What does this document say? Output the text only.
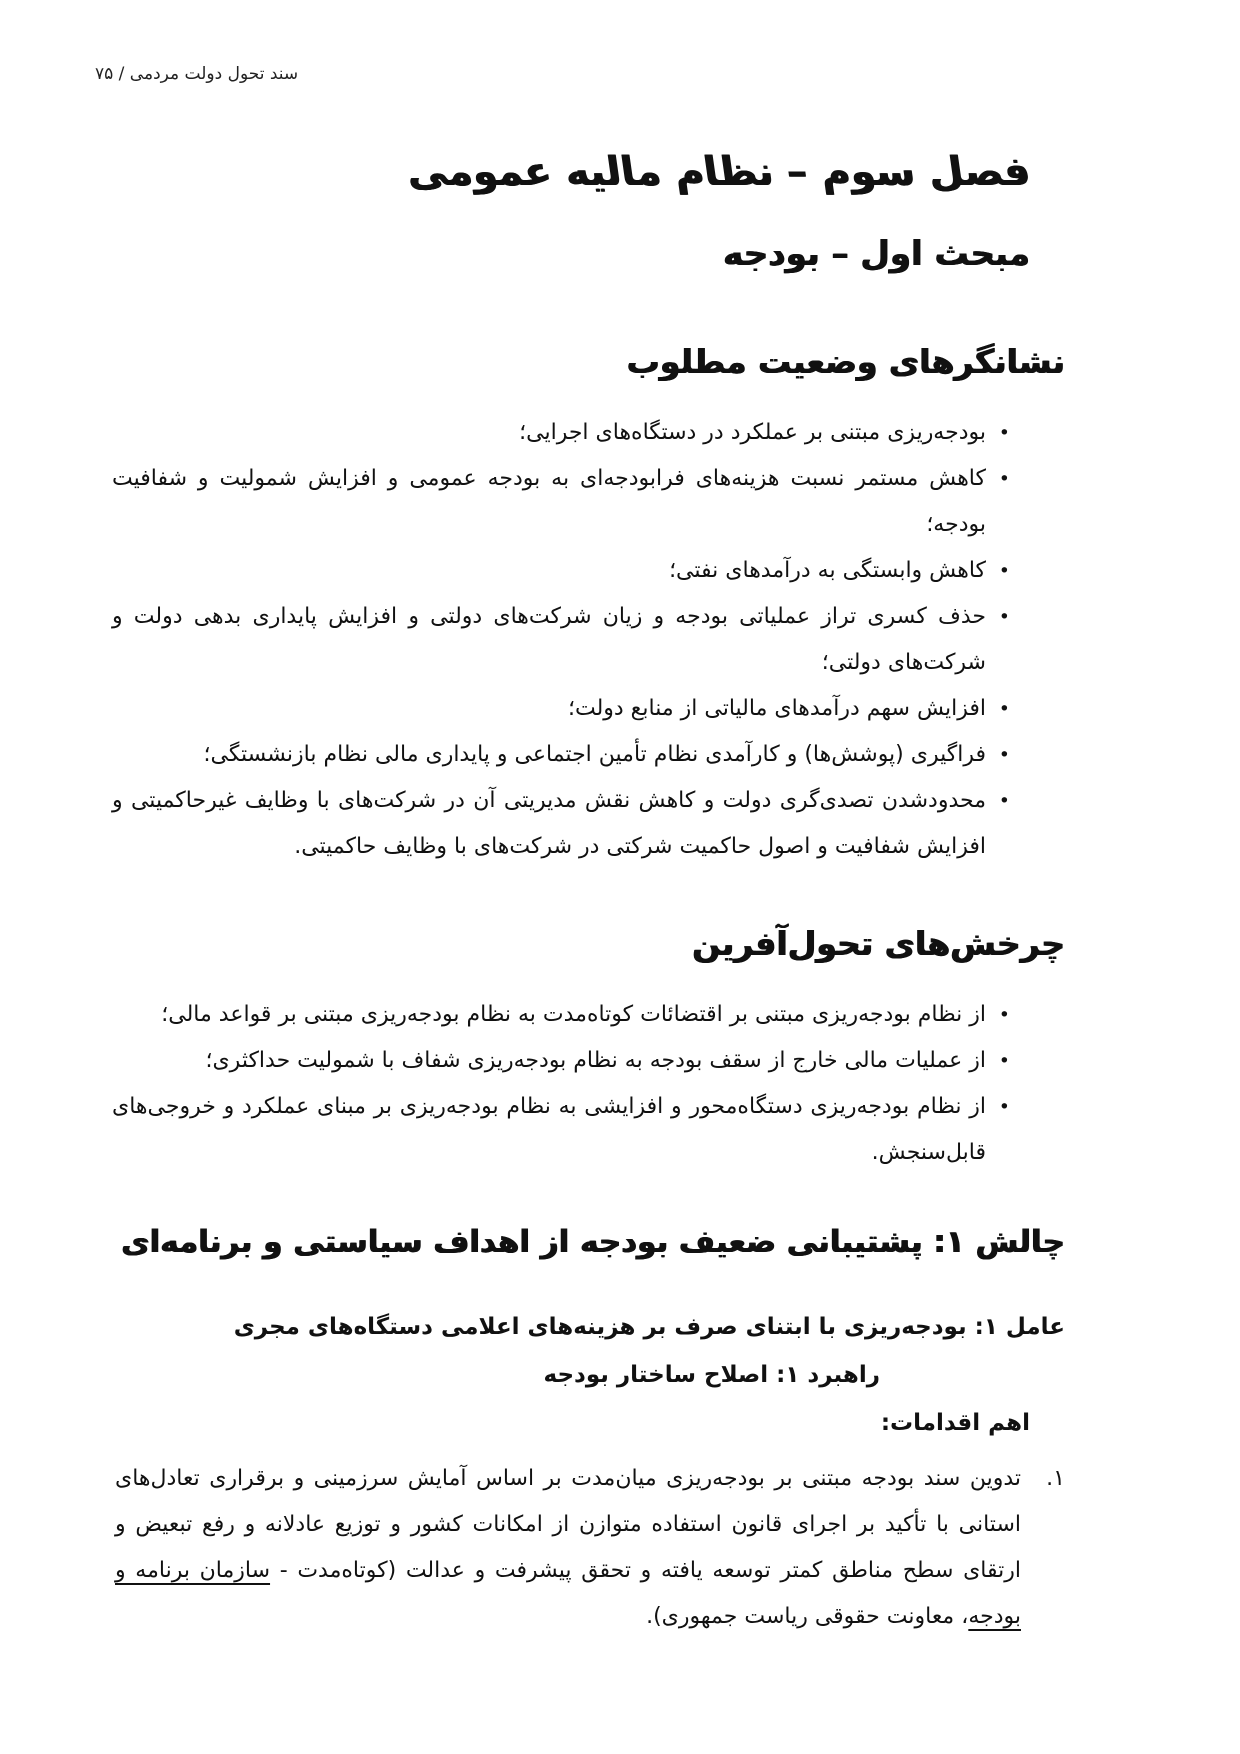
سند تحول دولت مردمی / ۷۵
فصل سوم – نظام مالیه عمومی
مبحث اول – بودجه
نشانگرهای وضعیت مطلوب
•
بودجه‌ریزی مبتنی بر عملکرد در دستگاه‌های اجرایی؛
•
کاهش مستمر نسبت هزینه‌های فرابودجه‌ای به بودجه عمومی و افزایش شمولیت و شفافیت بودجه؛
•
کاهش وابستگی به درآمدهای نفتی؛
•
حذف کسری تراز عملیاتی بودجه و زیان شرکت‌های دولتی و افزایش پایداری بدهی دولت و شرکت‌های دولتی؛
•
افزایش سهم درآمدهای مالیاتی از منابع دولت؛
•
فراگیری (پوشش‌ها) و کارآمدی نظام تأمین اجتماعی و پایداری مالی نظام بازنشستگی؛
•
محدودشدن تصدی‌گری دولت و کاهش نقش مدیریتی آن در شرکت‌های با وظایف غیرحاکمیتی و افزایش شفافیت و اصول حاکمیت شرکتی در شرکت‌های با وظایف حاکمیتی.
چرخش‌های تحول‌آفرین
•
از نظام بودجه‌ریزی مبتنی بر اقتضائات کوتاه‌مدت به نظام بودجه‌ریزی مبتنی بر قواعد مالی؛
•
از عملیات مالی خارج از سقف بودجه به نظام بودجه‌ریزی شفاف با شمولیت حداکثری؛
•
از نظام بودجه‌ریزی دستگاه‌محور و افزایشی به نظام بودجه‌ریزی بر مبنای عملکرد و خروجی‌های قابل‌سنجش.
چالش ۱: پشتیبانی ضعیف بودجه از اهداف سیاستی و برنامه‌ای
عامل ۱: بودجه‌ریزی با ابتنای صرف بر هزینه‌های اعلامی دستگاه‌های مجری
راهبرد ۱: اصلاح ساختار بودجه
اهم اقدامات:
۱.
تدوین سند بودجه مبتنی بر بودجه‌ریزی میان‌مدت بر اساس آمایش سرزمینی و برقراری تعادل‌های استانی با تأکید بر اجرای قانون استفاده متوازن از امکانات کشور و توزیع عادلانه و رفع تبعیض و ارتقای سطح مناطق کمتر توسعه یافته و تحقق پیشرفت و عدالت (کوتاه‌مدت - سازمان برنامه و بودجه، معاونت حقوقی ریاست جمهوری).
